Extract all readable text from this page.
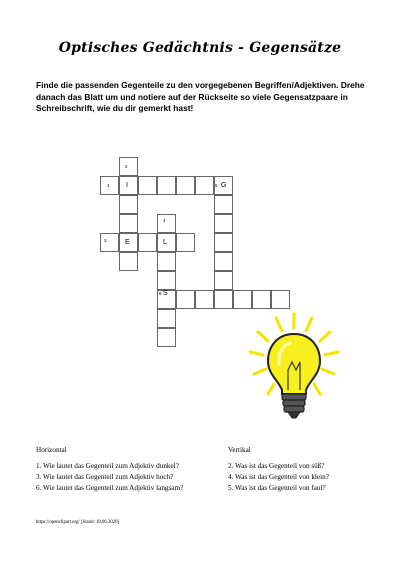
Optisches Gedächtnis - Gegensätze

Finde die passenden Gegenteile zu den vorgegebenen Begriffen/Adjektiven. Drehe danach das Blatt um und notiere auf der Rückseite so viele Gegensatzpaare in Schreibschrift, wie du dir gemerkt hast!

2
1
4
5
3
6
I	G
E	L
S
Horizontal	Vertikal
1. Wie lautet das Gegenteil zum Adjektiv dunkel?
3. Wie lautet das Gegenteil zum Adjektiv hoch?
6. Wie lautet das Gegenteil zum Adjektiv langsam?
2. Was ist das Gegenteil von süß?
4. Was ist das Gegenteil von klein?
5. Was ist das Gegenteil von faul?
https://openclipart.org/ [Stand: 18.06.2020]
